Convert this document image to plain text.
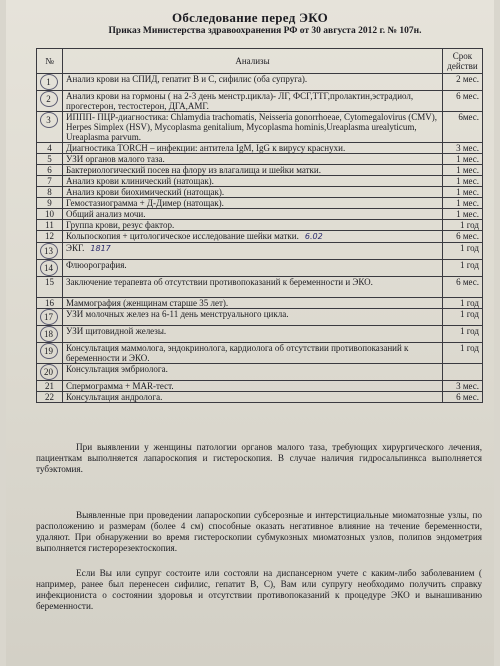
Обследование перед ЭКО
Приказ Министерства здравоохранения РФ от 30 августа 2012 г. № 107н.
№	Анализы	Срок действи
1	Анализ крови на СПИД, гепатит В и С, сифилис (оба супруга).	2 мес.
2	Анализ крови на гормоны ( на 2-3 день менстр.цикла)- ЛГ, ФСГ,ТТГ,пролактин,эстрадиол, прогестерон, тестостерон, ДГА,АМГ.	6 мес.
3	ИППП- ПЦР-диагностика: Chlamydia trachomatis, Neisseria gonorrhoeae, Cytomegalovirus (CMV), Herpes Simplex (HSV), Mycoplasma genitalium, Mycoplasma hominis,Ureaplasma urealyticum, Ureaplasma parvum.	6мес.
4	Диагностика TORCH – инфекции: антитела IgM, IgG к вирусу краснухи.	3 мес.
5	УЗИ органов малого таза.	1 мес.
6	Бактериологический посев на флору из влагалища и шейки матки.	1 мес.
7	Анализ крови клинический (натощак).	1 мес.
8	Анализ крови биохимический (натощак).	1 мес.
9	Гемостазиограмма + Д-Димер (натощак).	1 мес.
10	Общий анализ мочи.	1 мес.
11	Группа крови, резус фактор.	1 год
12	Кольпоскопия + цитологическое исследование шейки матки. 6.02	6 мес.
13	ЭКГ. 1817	1 год
14	Флюорография.	1 год
15	Заключение терапевта об отсутствии противопоказаний к беременности и ЭКО.	6 мес.
16	Маммография (женщинам старше 35 лет).	1 год
17	УЗИ молочных желез на 6-11 день менструального цикла.	1 год
18	УЗИ щитовидной железы.	1 год
19	Консультация маммолога, эндокринолога, кардиолога об отсутствии противопоказаний к беременности и ЭКО.	1 год
20	Консультация эмбриолога.	
21	Спермограмма + MAR-тест.	3 мес.
22	Консультация андролога.	6 мес.
При выявлении у женщины патологии органов малого таза, требующих хирургического лечения, пациенткам выполняется лапароскопия и гистероскопия. В случае наличия гидросальпинкса выполняется тубэктомия.
Выявленные при проведении лапароскопии субсерозные и интерстициальные миоматозные узлы, по расположению и размерам (более 4 см) способные оказать негативное влияние на течение беременности, удаляют. При обнаружении во время гистероскопии субмукозных миоматозных узлов, полипов эндометрия выполняется гистерорезектоскопия.
Если Вы или супруг состоите или состояли на диспансерном учете с каким-либо заболеванием ( например, ранее был перенесен сифилис, гепатит В, С), Вам или супругу необходимо получить справку инфекциониста о состоянии здоровья и отсутствии противопоказаний к процедуре ЭКО и вынашиванию беременности.
